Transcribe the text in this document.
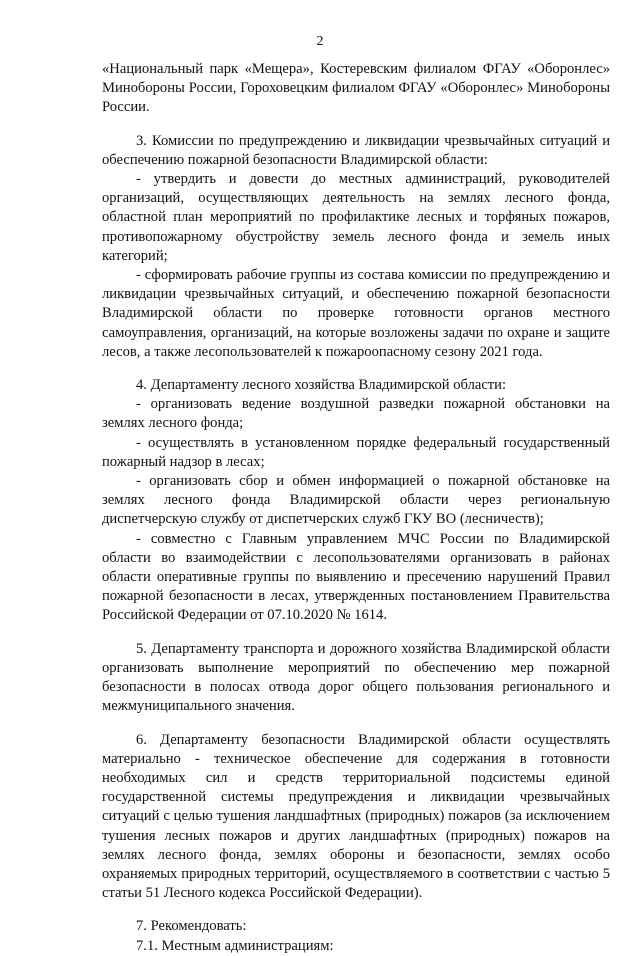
2

«Национальный парк «Мещера», Костеревским филиалом ФГАУ «Оборонлес» Минобороны России, Гороховецким филиалом ФГАУ «Оборонлес» Минобороны России.

3. Комиссии по предупреждению и ликвидации чрезвычайных ситуаций и обеспечению пожарной безопасности Владимирской области:

- утвердить и довести до местных администраций, руководителей организаций, осуществляющих деятельность на землях лесного фонда, областной план мероприятий по профилактике лесных и торфяных пожаров, противопожарному обустройству земель лесного фонда и земель иных категорий;

- сформировать рабочие группы из состава комиссии по предупреждению и ликвидации чрезвычайных ситуаций, и обеспечению пожарной безопасности Владимирской области по проверке готовности органов местного самоуправления, организаций, на которые возложены задачи по охране и защите лесов, а также лесопользователей к пожароопасному сезону 2021 года.

4. Департаменту лесного хозяйства Владимирской области:

- организовать ведение воздушной разведки пожарной обстановки на землях лесного фонда;

- осуществлять в установленном порядке федеральный государственный пожарный надзор в лесах;

- организовать сбор и обмен информацией о пожарной обстановке на землях лесного фонда Владимирской области через региональную диспетчерскую службу от диспетчерских служб ГКУ ВО (лесничеств);

- совместно с Главным управлением МЧС России по Владимирской области во взаимодействии с лесопользователями организовать в районах области оперативные группы по выявлению и пресечению нарушений Правил пожарной безопасности в лесах, утвержденных постановлением Правительства Российской Федерации от 07.10.2020 № 1614.

5. Департаменту транспорта и дорожного хозяйства Владимирской области организовать выполнение мероприятий по обеспечению мер пожарной безопасности в полосах отвода дорог общего пользования регионального и межмуниципального значения.

6. Департаменту безопасности Владимирской области осуществлять материально - техническое обеспечение для содержания в готовности необходимых сил и средств территориальной подсистемы единой государственной системы предупреждения и ликвидации чрезвычайных ситуаций с целью тушения ландшафтных (природных) пожаров (за исключением тушения лесных пожаров и других ландшафтных (природных) пожаров на землях лесного фонда, землях обороны и безопасности, землях особо охраняемых природных территорий, осуществляемого в соответствии с частью 5 статьи 51 Лесного кодекса Российской Федерации).

7. Рекомендовать:

7.1. Местным администрациям:
